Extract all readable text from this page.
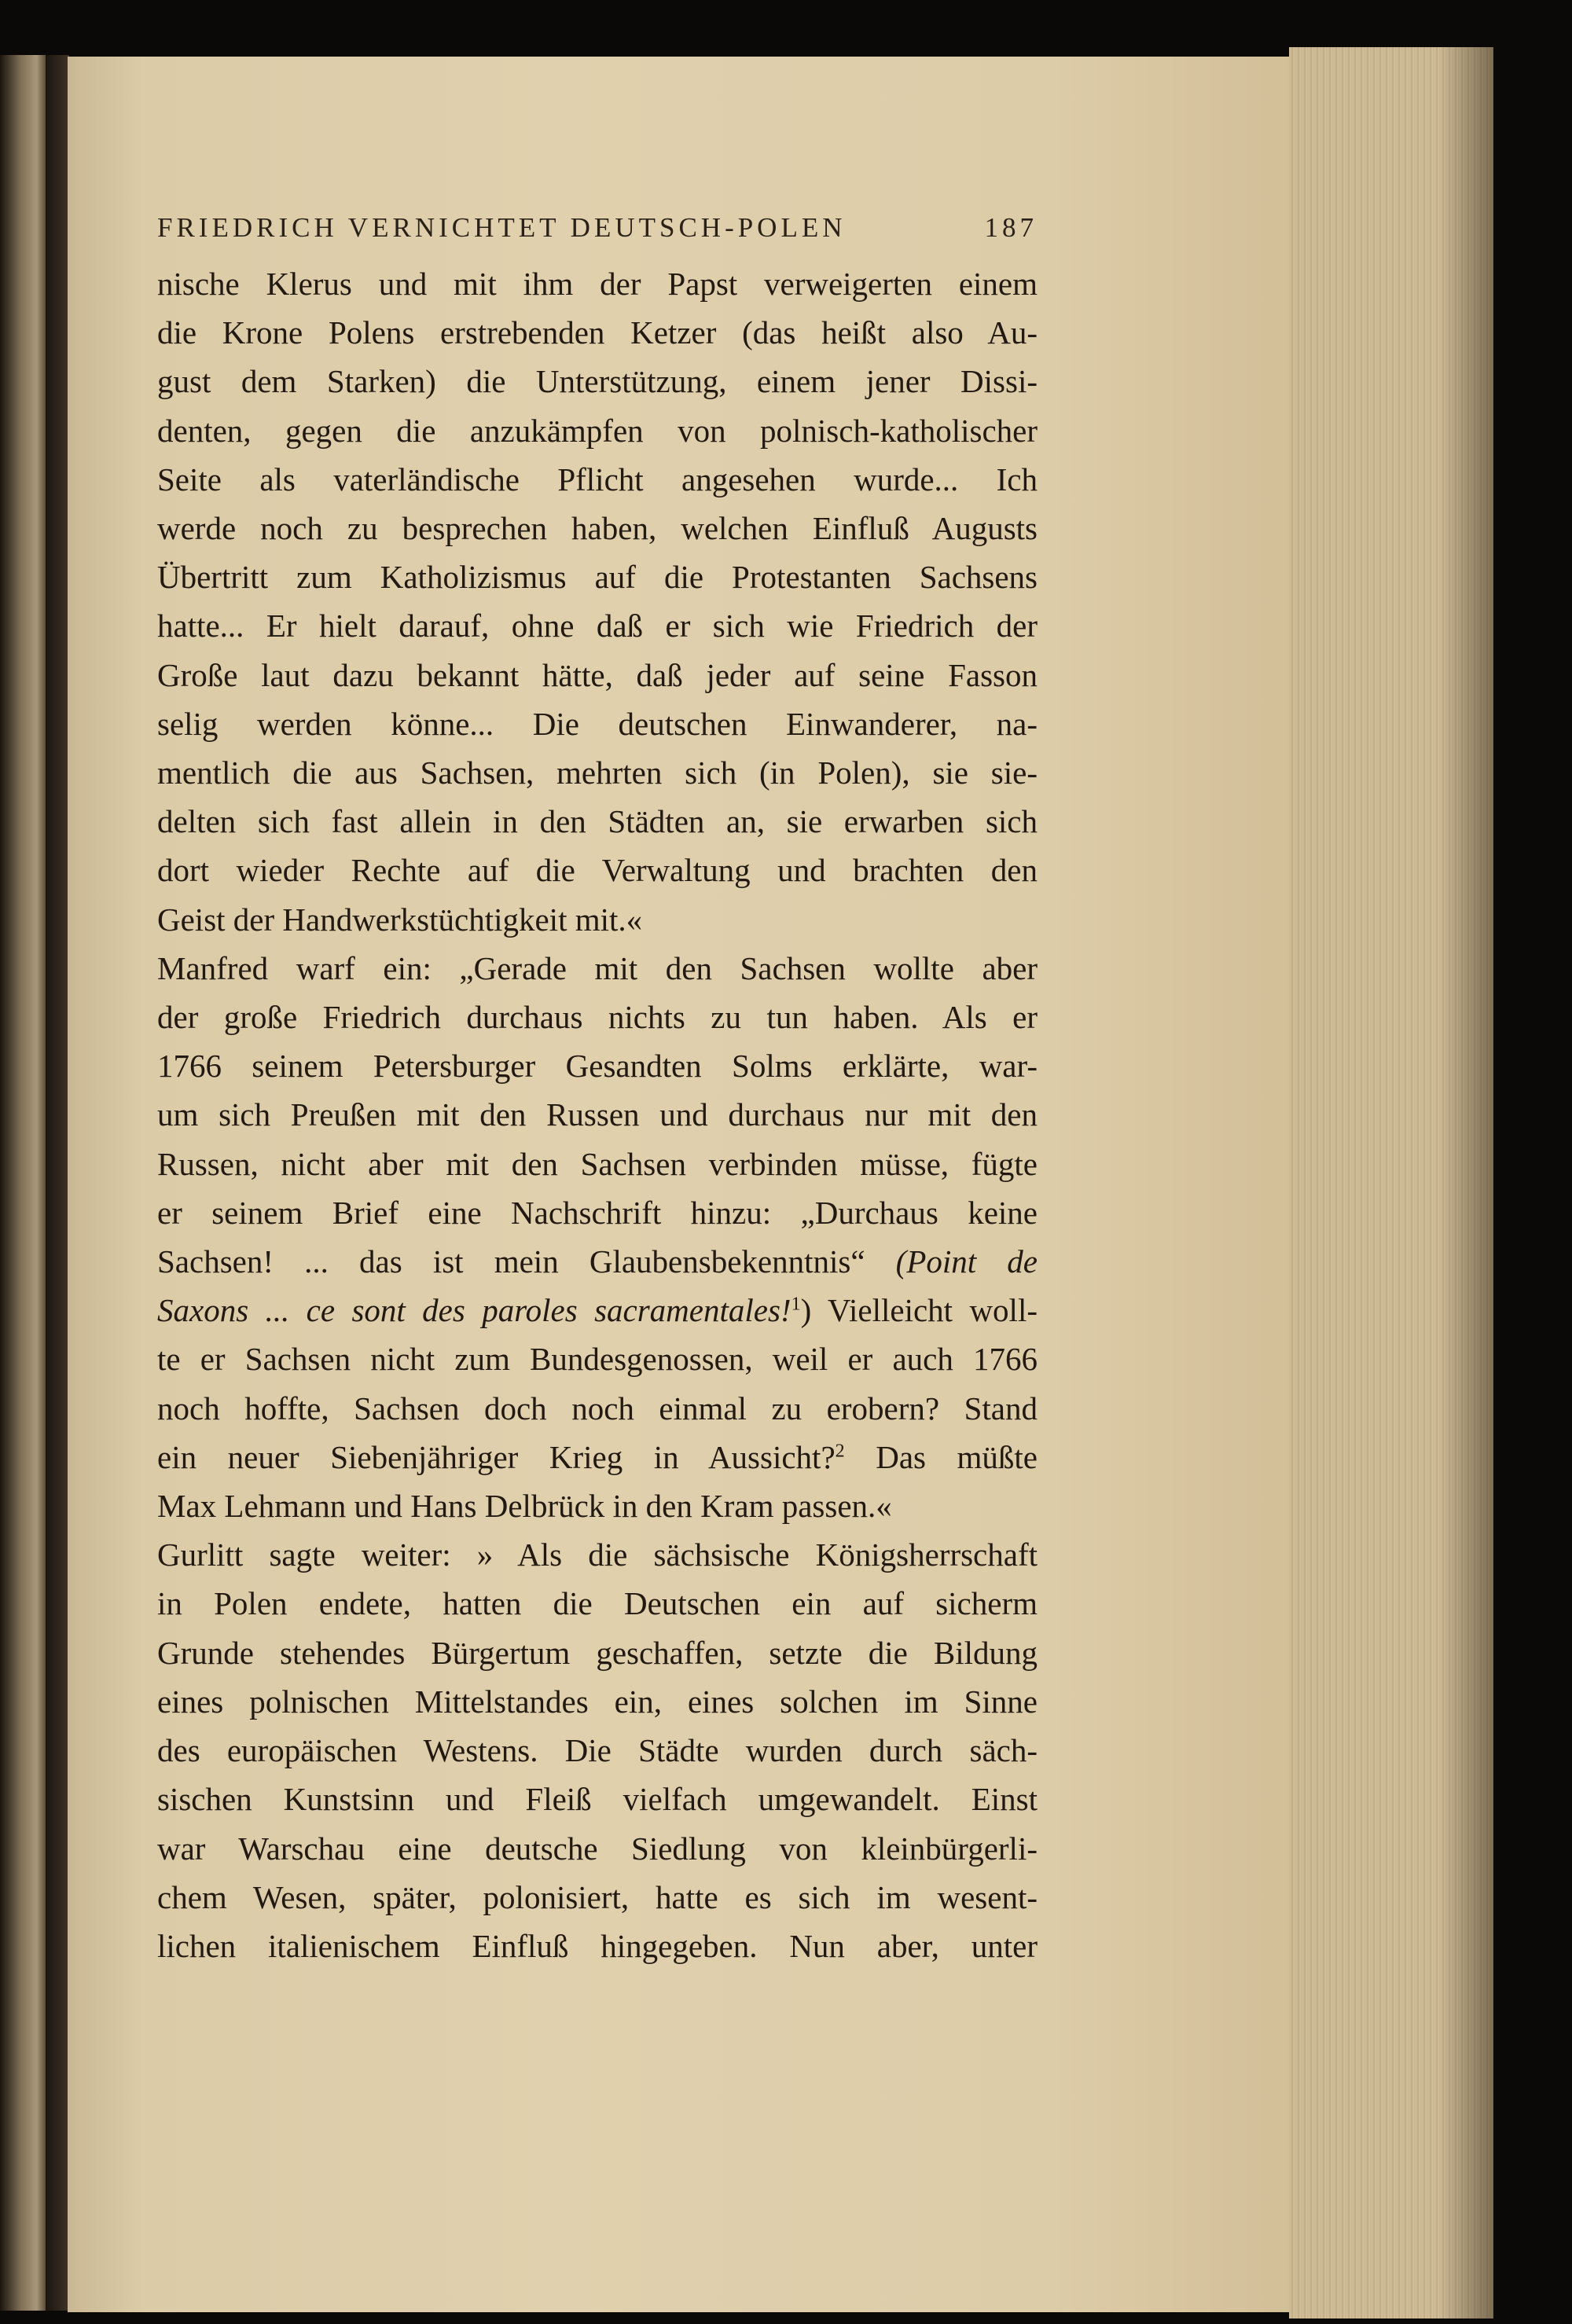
FRIEDRICH VERNICHTET DEUTSCH-POLEN	187
nische Klerus und mit ihm der Papst verweigerten einem
die Krone Polens erstrebenden Ketzer (das heißt also Au-
gust dem Starken) die Unterstützung, einem jener Dissi-
denten, gegen die anzukämpfen von polnisch-katholischer
Seite als vaterländische Pflicht angesehen wurde... Ich
werde noch zu besprechen haben, welchen Einfluß Augusts
Übertritt zum Katholizismus auf die Protestanten Sachsens
hatte... Er hielt darauf, ohne daß er sich wie Friedrich der
Große laut dazu bekannt hätte, daß jeder auf seine Fasson
selig werden könne... Die deutschen Einwanderer, na-
mentlich die aus Sachsen, mehrten sich (in Polen), sie sie-
delten sich fast allein in den Städten an, sie erwarben sich
dort wieder Rechte auf die Verwaltung und brachten den
Geist der Handwerkstüchtigkeit mit.«
Manfred warf ein: „Gerade mit den Sachsen wollte aber
der große Friedrich durchaus nichts zu tun haben. Als er
1766 seinem Petersburger Gesandten Solms erklärte, war-
um sich Preußen mit den Russen und durchaus nur mit den
Russen, nicht aber mit den Sachsen verbinden müsse, fügte
er seinem Brief eine Nachschrift hinzu: „Durchaus keine
Sachsen! ... das ist mein Glaubensbekenntnis“ (Point de
Saxons ... ce sont des paroles sacramentales!$^1$) Vielleicht woll-
te er Sachsen nicht zum Bundesgenossen, weil er auch 1766
noch hoffte, Sachsen doch noch einmal zu erobern? Stand
ein neuer Siebenjähriger Krieg in Aussicht?$^2$ Das müßte
Max Lehmann und Hans Delbrück in den Kram passen.«
Gurlitt sagte weiter: » Als die sächsische Königsherrschaft
in Polen endete, hatten die Deutschen ein auf sicherm
Grunde stehendes Bürgertum geschaffen, setzte die Bildung
eines polnischen Mittelstandes ein, eines solchen im Sinne
des europäischen Westens. Die Städte wurden durch säch-
sischen Kunstsinn und Fleiß vielfach umgewandelt. Einst
war Warschau eine deutsche Siedlung von kleinbürgerli-
chem Wesen, später, polonisiert, hatte es sich im wesent-
lichen italienischem Einfluß hingegeben. Nun aber, unter
